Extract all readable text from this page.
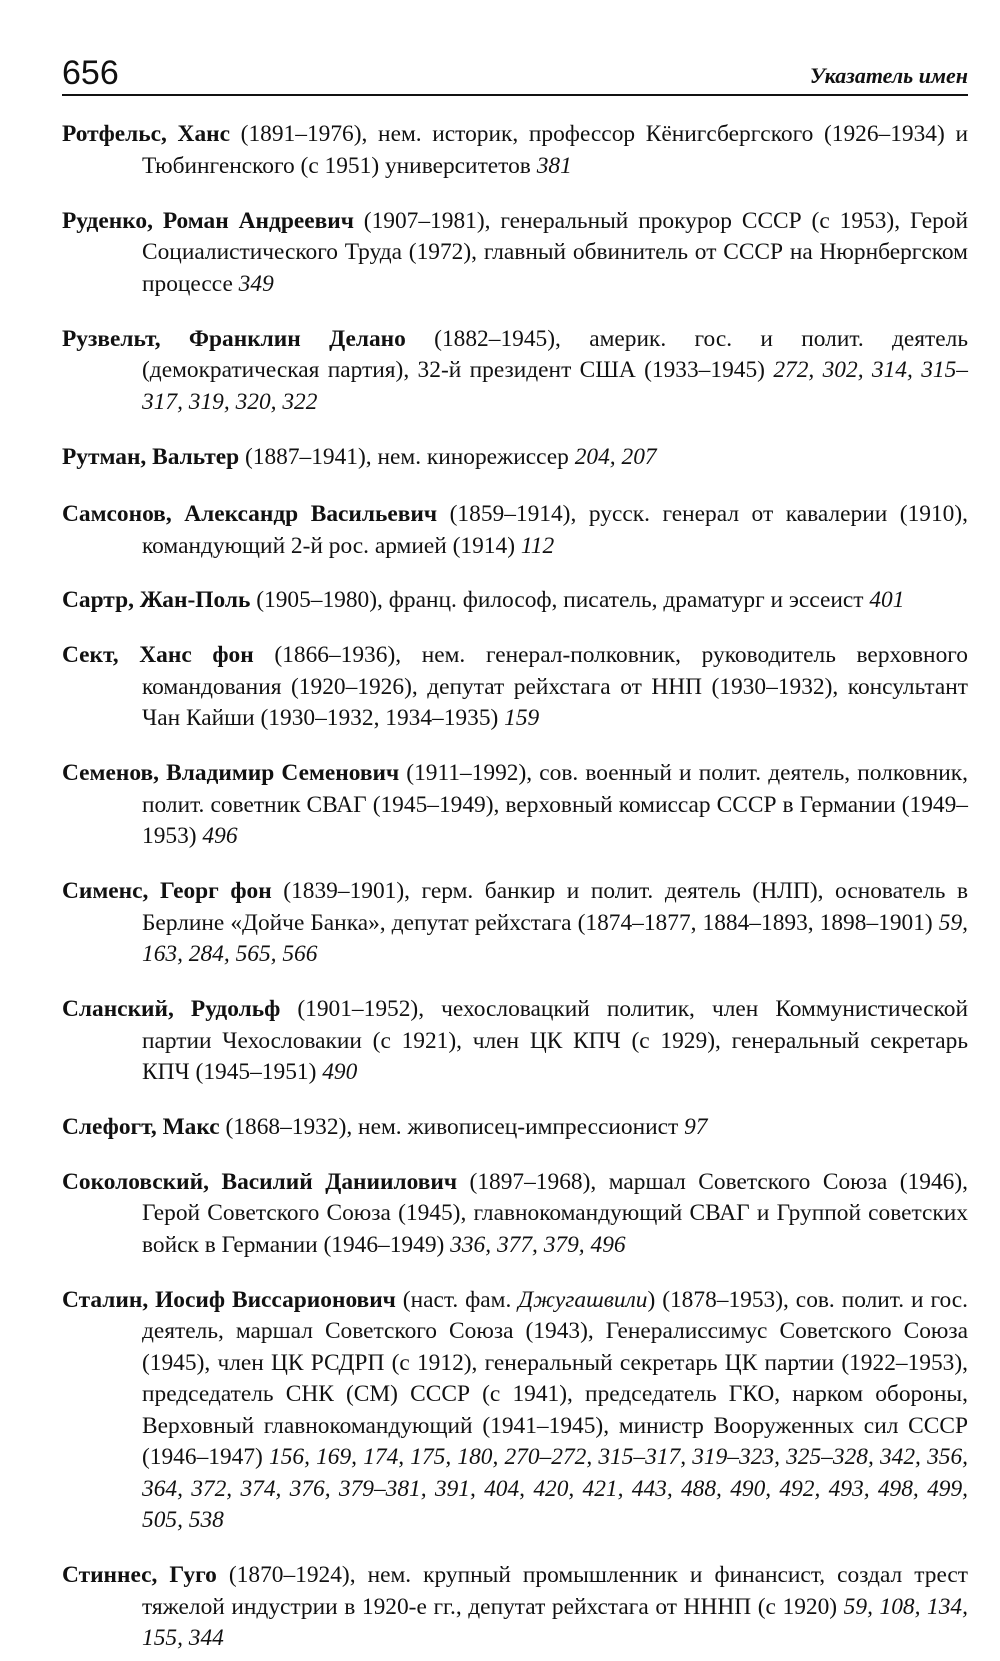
656	Указатель имен

Ротфельс, Ханс (1891–1976), нем. историк, профессор Кёнигсбергского (1926–1934) и Тюбингенского (с 1951) университетов 381

Руденко, Роман Андреевич (1907–1981), генеральный прокурор СССР (с 1953), Герой Социалистического Труда (1972), главный обвинитель от СССР на Нюрнбергском процессе 349

Рузвельт, Франклин Делано (1882–1945), америк. гос. и полит. деятель (демократическая партия), 32-й президент США (1933–1945) 272, 302, 314, 315–317, 319, 320, 322

Рутман, Вальтер (1887–1941), нем. кинорежиссер 204, 207

Самсонов, Александр Васильевич (1859–1914), русск. генерал от кавалерии (1910), командующий 2-й рос. армией (1914) 112

Сартр, Жан-Поль (1905–1980), франц. философ, писатель, драматург и эссеист 401

Сект, Ханс фон (1866–1936), нем. генерал-полковник, руководитель верховного командования (1920–1926), депутат рейхстага от ННП (1930–1932), консультант Чан Кайши (1930–1932, 1934–1935) 159

Семенов, Владимир Семенович (1911–1992), сов. военный и полит. деятель, полковник, полит. советник СВАГ (1945–1949), верховный комиссар СССР в Германии (1949–1953) 496

Сименс, Георг фон (1839–1901), герм. банкир и полит. деятель (НЛП), основатель в Берлине «Дойче Банка», депутат рейхстага (1874–1877, 1884–1893, 1898–1901) 59, 163, 284, 565, 566

Сланский, Рудольф (1901–1952), чехословацкий политик, член Коммунистической партии Чехословакии (с 1921), член ЦК КПЧ (с 1929), генеральный секретарь КПЧ (1945–1951) 490

Слефогт, Макс (1868–1932), нем. живописец-импрессионист 97

Соколовский, Василий Даниилович (1897–1968), маршал Советского Союза (1946), Герой Советского Союза (1945), главнокомандующий СВАГ и Группой советских войск в Германии (1946–1949) 336, 377, 379, 496

Сталин, Иосиф Виссарионович (наст. фам. Джугашвили) (1878–1953), сов. полит. и гос. деятель, маршал Советского Союза (1943), Генералиссимус Советского Союза (1945), член ЦК РСДРП (с 1912), генеральный секретарь ЦК партии (1922–1953), председатель СНК (СМ) СССР (с 1941), председатель ГКО, нарком обороны, Верховный главнокомандующий (1941–1945), министр Вооруженных сил СССР (1946–1947) 156, 169, 174, 175, 180, 270–272, 315–317, 319–323, 325–328, 342, 356, 364, 372, 374, 376, 379–381, 391, 404, 420, 421, 443, 488, 490, 492, 493, 498, 499, 505, 538

Стиннес, Гуго (1870–1924), нем. крупный промышленник и финансист, создал трест тяжелой индустрии в 1920-е гг., депутат рейхстага от НННП (с 1920) 59, 108, 134, 155, 344
